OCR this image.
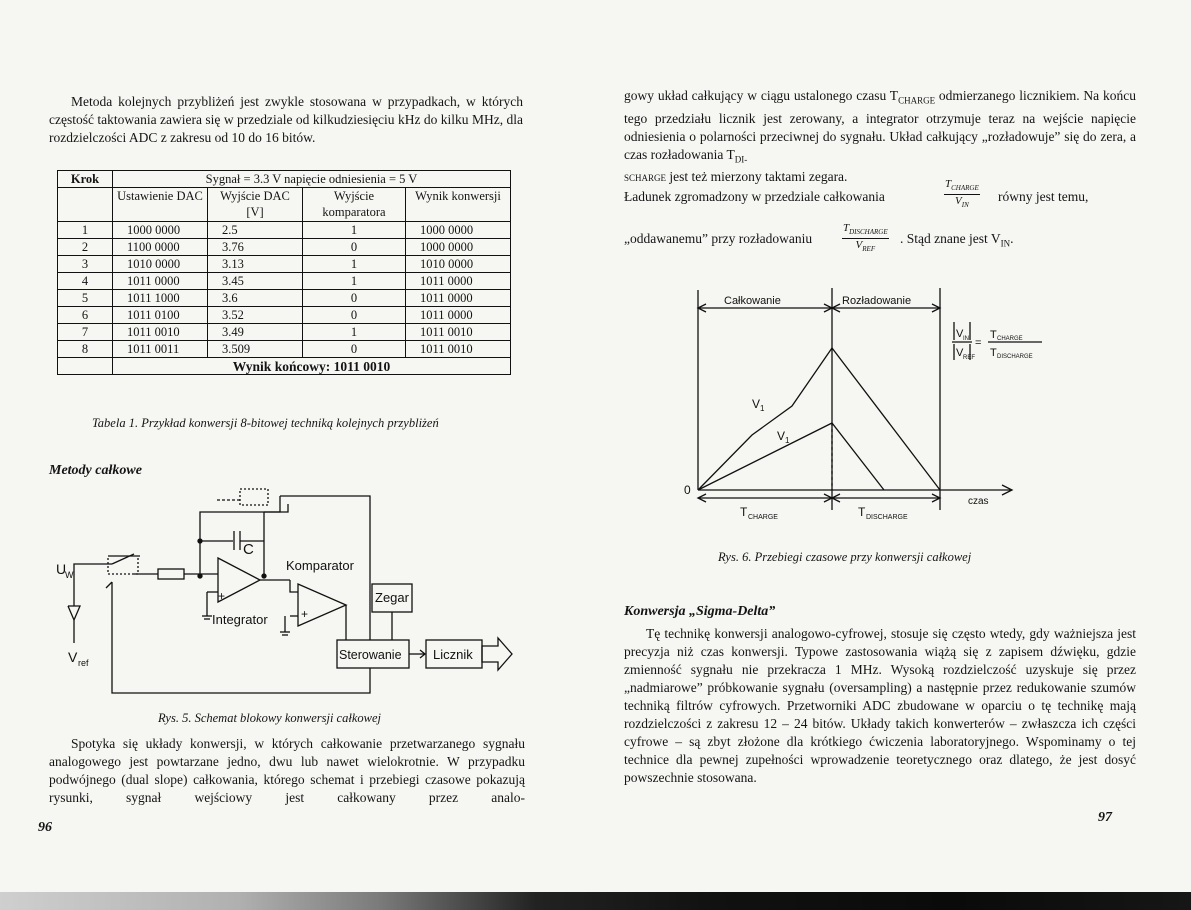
Metoda kolejnych przybliżeń jest zwykle stosowana w przypadkach, w których częstość taktowania zawiera się w przedziale od kilkudziesięciu kHz do kilku MHz, dla rozdzielczości ADC z zakresu od 10 do 16 bitów.

Krok	Sygnał = 3.3 V napięcie odniesienia = 5 V			
	Ustawienie DAC	Wyjście DAC [V]	Wyjście komparatora	Wynik konwersji
1	1000 0000	2.5	1	1000 0000
2	1100 0000	3.76	0	1000 0000
3	1010 0000	3.13	1	1010 0000
4	1011 0000	3.45	1	1011 0000
5	1011 1000	3.6	0	1011 0000
6	1011 0100	3.52	0	1011 0000
7	1011 0010	3.49	1	1011 0010
8	1011 0011	3.509	0	1011 0010
	Wynik końcowy: 1011 0010			
Tabela 1. Przykład konwersji 8-bitowej techniką kolejnych przybliżeń
Metody całkowe
U
W
V ref
C
Komparator
Integrator
Zegar
Sterowanie Licznik
+
+
Rys. 5. Schemat blokowy konwersji całkowej

Spotyka się układy konwersji, w których całkowanie przetwarzanego sygnału analogowego jest powtarzane jedno, dwu lub nawet wielokrotnie. W przypadku podwójnego (dual slope) całkowania, którego schemat i przebiegi czasowe pokazują rysunki, sygnał wejściowy jest całkowany przez analo-

96

gowy układ całkujący w ciągu ustalonego czasu $T_{CHARGE}$ odmierzanego licznikiem. Na końcu tego przedziału licznik jest zerowany, a integrator otrzymuje teraz na wejście napięcie odniesienia o polarności przeciwnej do sygnału. Układ całkujący „rozładowuje” się do zera, a czas rozładowania $T_{DI-}$
SCHARGE jest też mierzony taktami zegara.

Ładunek zgromadzony w przedziale całkowania
$T_{CHARGE}$
$V_{IN}$
równy jest temu,
„oddawanemu” przy rozładowaniu
$T_{DISCHARGE}$
$V_{REF}$
. Stąd znane jest $V_{IN}$.
Całkowanie	Rozładowanie
V 1
V 1
0
czas
T CHARGE	T DISCHARGE
V IN
V REF
=
T CHARGE
T DISCHARGE
Rys. 6. Przebiegi czasowe przy konwersji całkowej
Konwersja „Sigma-Delta”

Tę technikę konwersji analogowo-cyfrowej, stosuje się często wtedy, gdy ważniejsza jest precyzja niż czas konwersji. Typowe zastosowania wiążą się z zapisem dźwięku, gdzie zmienność sygnału nie przekracza 1 MHz. Wysoką rozdzielczość uzyskuje się przez „nadmiarowe” próbkowanie sygnału (oversampling) a następnie przez redukowanie szumów techniką filtrów cyfrowych. Przetworniki ADC zbudowane w oparciu o tę technikę mają rozdzielczości z zakresu 12 – 24 bitów. Układy takich konwerterów – zwłaszcza ich części cyfrowe – są zbyt złożone dla krótkiego ćwiczenia laboratoryjnego. Wspominamy o tej technice dla pewnej zupełności wprowadzenie teoretycznego oraz dlatego, że jest dosyć powszechnie stosowana.

97
